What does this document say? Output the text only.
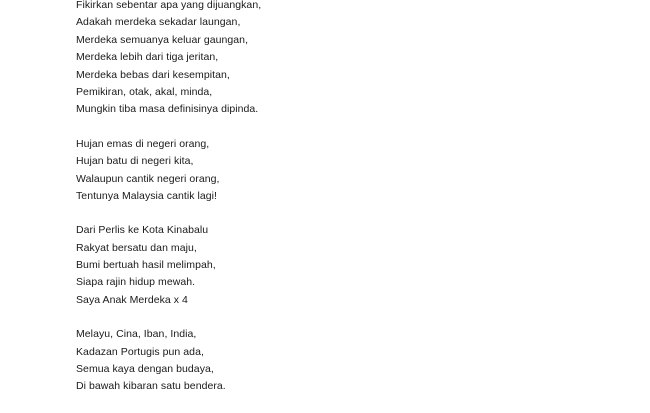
Fikirkan sebentar apa yang dijuangkan,
Adakah merdeka sekadar laungan,
Merdeka semuanya keluar gaungan,
Merdeka lebih dari tiga jeritan,
Merdeka bebas dari kesempitan,
Pemikiran, otak, akal, minda,
Mungkin tiba masa definisinya dipinda.
Hujan emas di negeri orang,
Hujan batu di negeri kita,
Walaupun cantik negeri orang,
Tentunya Malaysia cantik lagi!
Dari Perlis ke Kota Kinabalu
Rakyat bersatu dan maju,
Bumi bertuah hasil melimpah,
Siapa rajin hidup mewah.
Saya Anak Merdeka x 4
Melayu, Cina, Iban, India,
Kadazan Portugis pun ada,
Semua kaya dengan budaya,
Di bawah kibaran satu bendera.
